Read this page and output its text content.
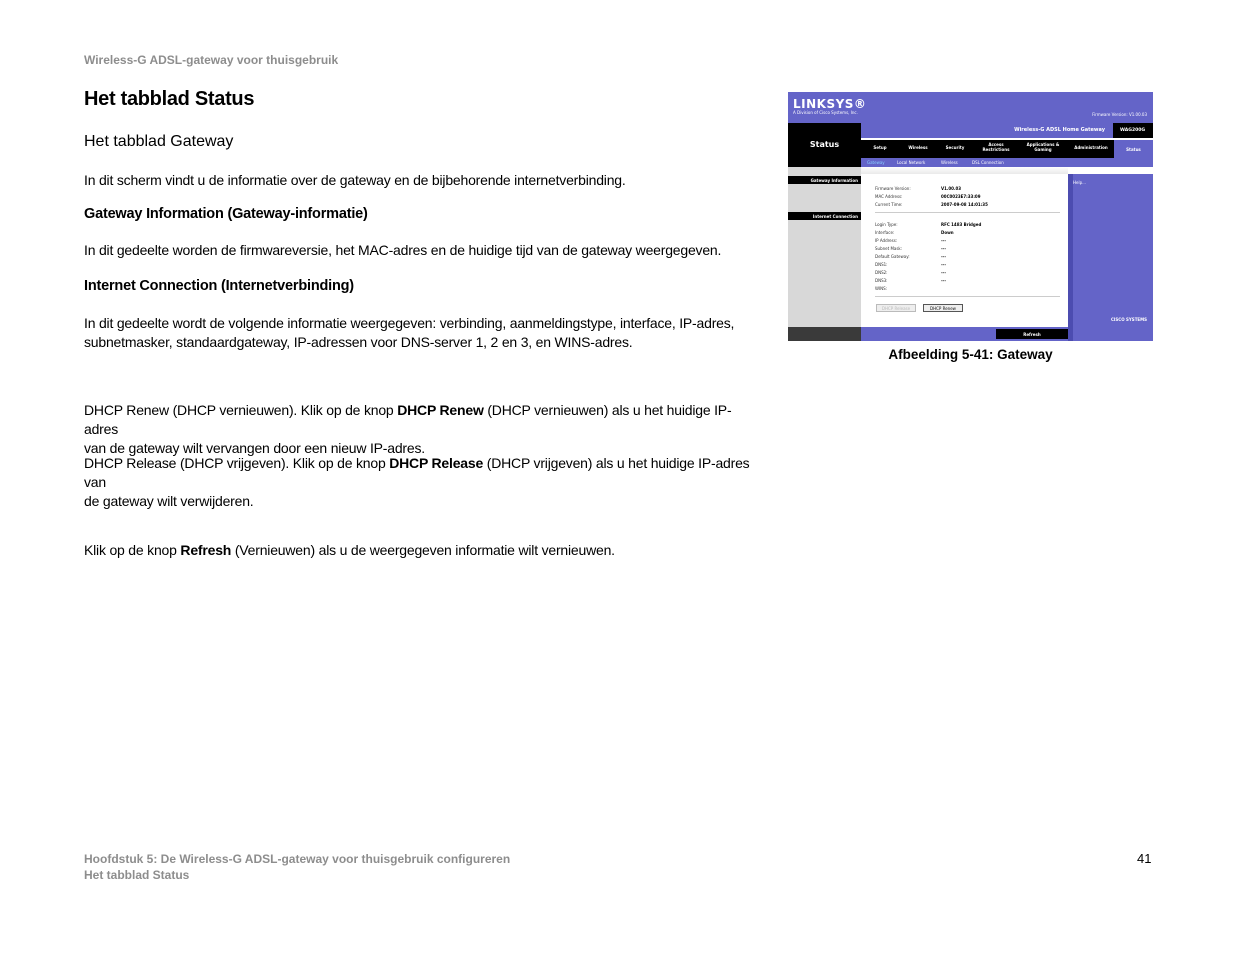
Wireless-G ADSL-gateway voor thuisgebruik
Het tabblad Status
Het tabblad Gateway
In dit scherm vindt u de informatie over de gateway en de bijbehorende internetverbinding.
Gateway Information (Gateway-informatie)
In dit gedeelte worden de firmwareversie, het MAC-adres en de huidige tijd van de gateway weergegeven.
Internet Connection (Internetverbinding)
In dit gedeelte wordt de volgende informatie weergegeven: verbinding, aanmeldingstype, interface, IP-adres,
subnetmasker, standaardgateway, IP-adressen voor DNS-server 1, 2 en 3, en WINS-adres.
DHCP Renew (DHCP vernieuwen). Klik op de knop DHCP Renew (DHCP vernieuwen) als u het huidige IP-adres
van de gateway wilt vervangen door een nieuw IP-adres.
DHCP Release (DHCP vrijgeven). Klik op de knop DHCP Release (DHCP vrijgeven) als u het huidige IP-adres van
de gateway wilt verwijderen.
Klik op de knop Refresh (Vernieuwen) als u de weergegeven informatie wilt vernieuwen.
LINKSYS®
A Division of Cisco Systems, Inc.	Firmware Version: V1.00.03
Status
Wireless-G ADSL Home Gateway	WAG200G
Setup	Wireless	Security
Access Restrictions
Applications & Gaming	Administration	Status
Gateway	Local Network	Wireless	DSL Connection
Gateway Information
Internet Connection
Firmware Version:	V1.00.03
MAC Address:	00C0023E7:33:09
Current Time:	2007-09-08 14:01:35
Login Type:	RFC 1483 Bridged
Interface:	Down
IP Address:	---
Subnet Mask:	---
Default Gateway:	---
DNS1:	---
DNS2:	---
DNS3:	---
WINS:
DHCP Release	DHCP Renew
Help...
CISCO SYSTEMS
Refresh
Afbeelding 5-41: Gateway
Hoofdstuk 5: De Wireless-G ADSL-gateway voor thuisgebruik configureren
Het tabblad Status
41
